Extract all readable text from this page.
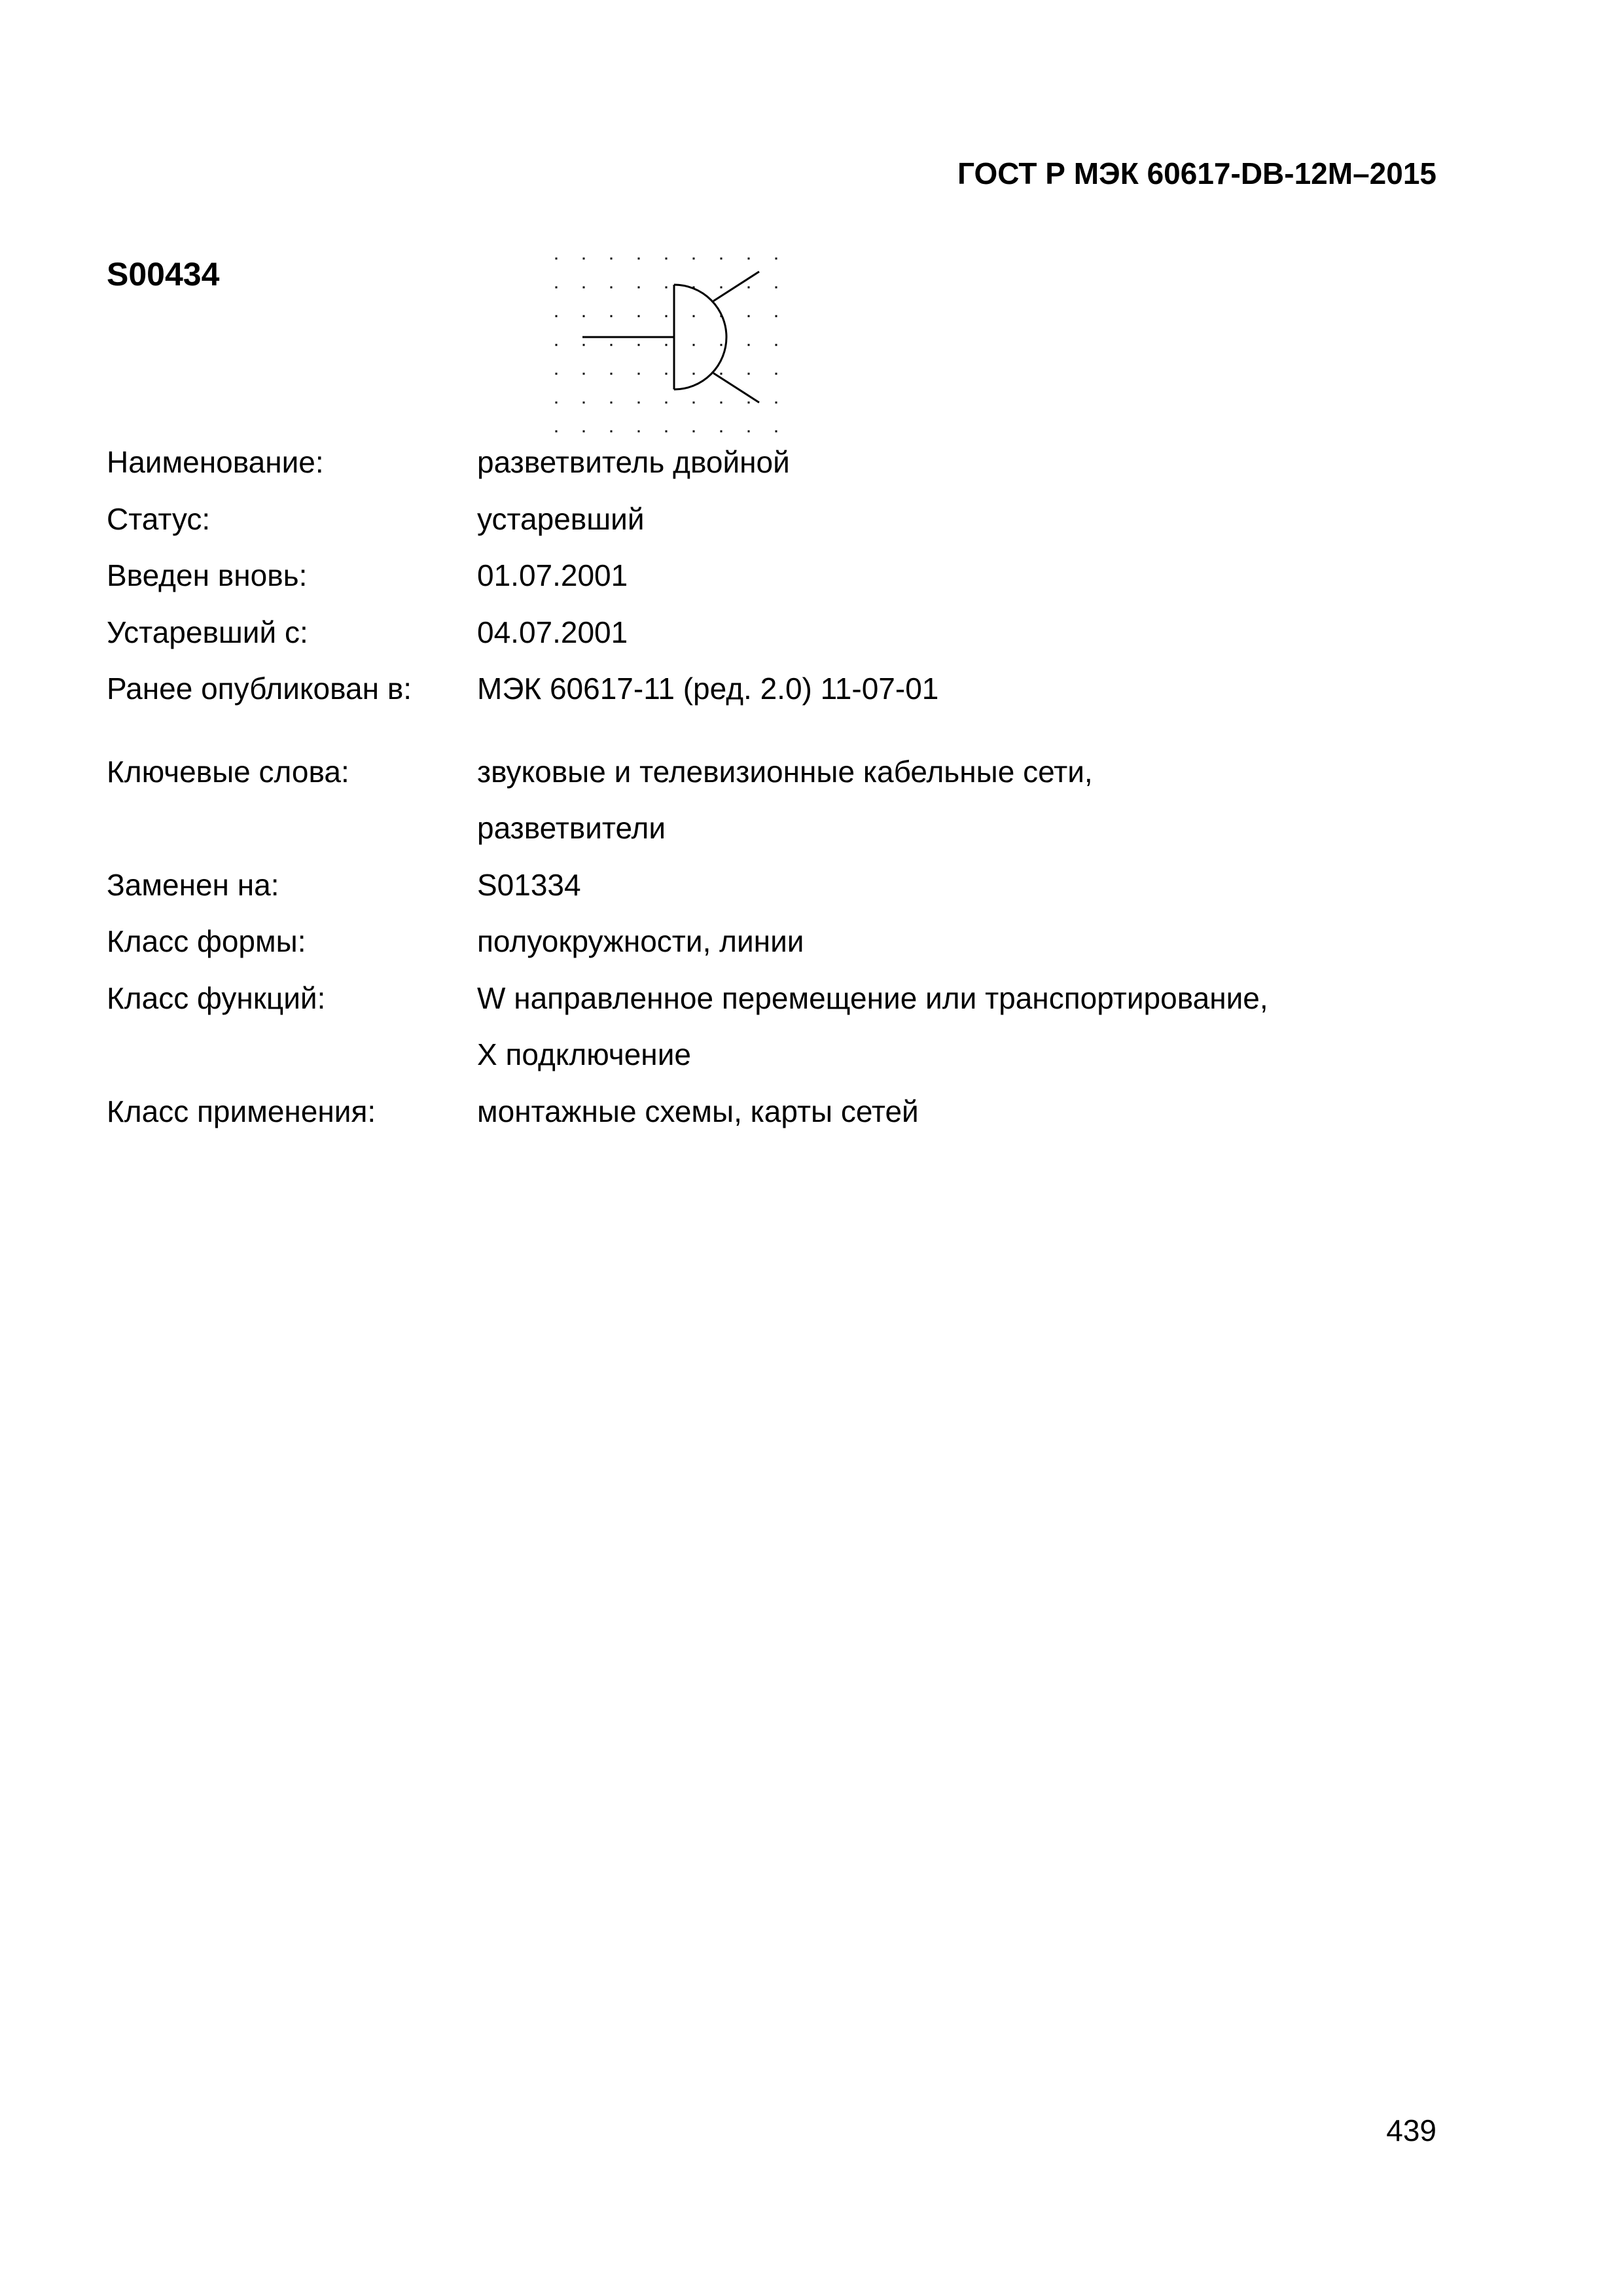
ГОСТ Р МЭК 60617-DB-12M–2015
S00434
Наименование:	разветвитель двойной
Статус:	устаревший
Введен вновь:	01.07.2001
Устаревший с:	04.07.2001
Ранее опубликован в: МЭК 60617-11 (ред. 2.0) 11-07-01
Ключевые слова:	звуковые и телевизионные кабельные сети,
разветвители
Заменен на:	S01334
Класс формы:	полуокружности, линии
Класс функций:	W направленное перемещение или транспортирование,
X подключение
Класс применения:	монтажные схемы, карты сетей
439
